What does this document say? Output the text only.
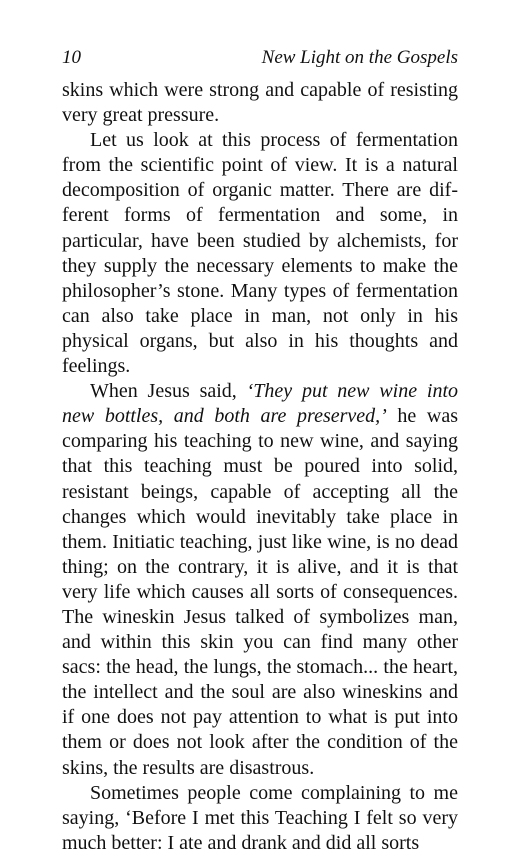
10	New Light on the Gospels

skins which were strong and capable of resisting very great pressure.

Let us look at this process of fermentation from the scientific point of view. It is a natural decomposition of organic matter. There are different forms of fermentation and some, in particular, have been studied by alchemists, for they supply the necessary elements to make the philosopher’s stone. Many types of fermentation can also take place in man, not only in his physical organs, but also in his thoughts and feelings.

When Jesus said, ‘They put new wine into new bottles, and both are preserved,’ he was comparing his teaching to new wine, and saying that this teaching must be poured into solid, resistant beings, capable of accepting all the changes which would inevitably take place in them. Initiatic teaching, just like wine, is no dead thing; on the contrary, it is alive, and it is that very life which causes all sorts of consequences. The wineskin Jesus talked of symbolizes man, and within this skin you can find many other sacs: the head, the lungs, the stomach... the heart, the intellect and the soul are also wineskins and if one does not pay attention to what is put into them or does not look after the condition of the skins, the results are disastrous.

Sometimes people come complaining to me saying, ‘Before I met this Teaching I felt so very much better: I ate and drank and did all sorts
